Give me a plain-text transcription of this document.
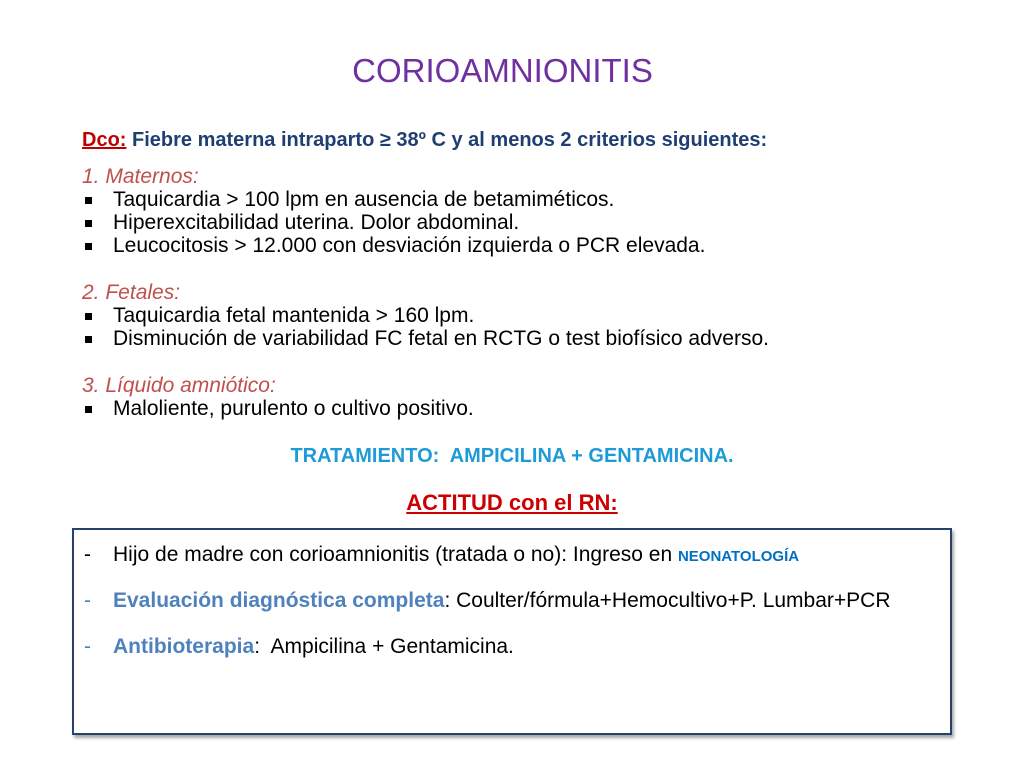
CORIOAMNIONITIS
Dco: Fiebre materna intraparto ≥ 38º C y al menos 2 criterios siguientes:
1. Maternos:

Taquicardia > 100 lpm en ausencia de betamiméticos.

Hiperexcitabilidad uterina. Dolor abdominal.

Leucocitosis > 12.000 con desviación izquierda o PCR elevada.

2. Fetales:

Taquicardia fetal mantenida > 160 lpm.

Disminución de variabilidad FC fetal en RCTG o test biofísico adverso.

3. Líquido amniótico:

Maloliente, purulento o cultivo positivo.

TRATAMIENTO:  AMPICILINA + GENTAMICINA.
ACTITUD con el RN:

-

Hijo de madre con corioamnionitis (tratada o no): Ingreso en NEONATOLOGÍA

-

Evaluación diagnóstica completa: Coulter/fórmula+Hemocultivo+P. Lumbar+PCR

-

Antibioterapia:  Ampicilina + Gentamicina.
